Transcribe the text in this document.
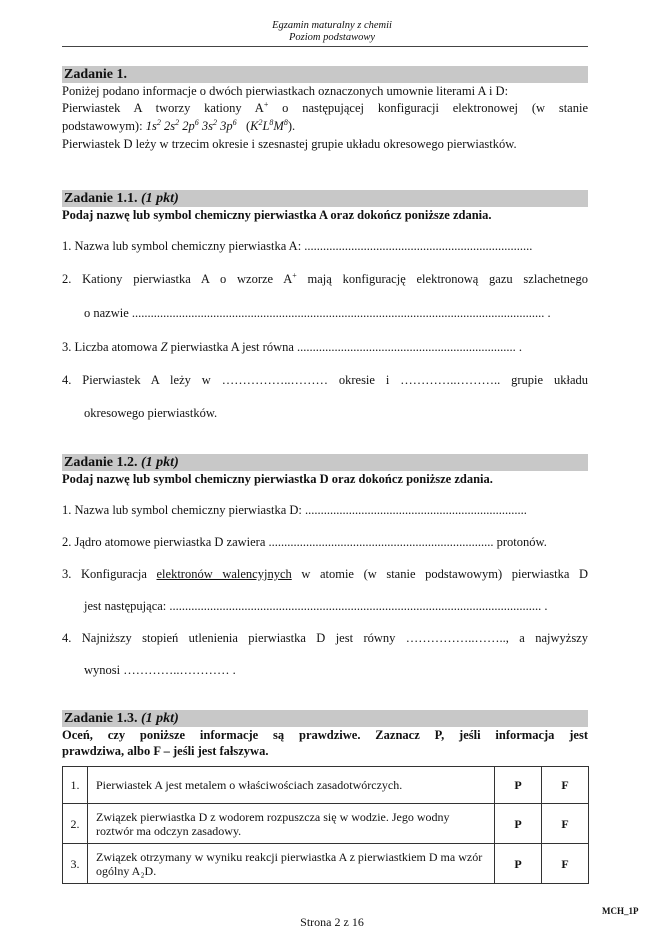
Egzamin maturalny z chemii
Poziom podstawowy
Zadanie 1.
Poniżej podano informacje o dwóch pierwiastkach oznaczonych umownie literami A i D:
Pierwiastek A tworzy kationy A+ o następującej konfiguracji elektronowej (w stanie
podstawowym): $1s^2$ $2s^2$ $2p^6$ $3s^2$ $3p^6$   $(K^2L^8M^8)$.
Pierwiastek D leży w trzecim okresie i szesnastej grupie układu okresowego pierwiastków.
Zadanie 1.1. (1 pkt)
Podaj nazwę lub symbol chemiczny pierwiastka A oraz dokończ poniższe zdania.
1. Nazwa lub symbol chemiczny pierwiastka A: .........................................................................
2. Kationy pierwiastka A o wzorze A+ mają konfigurację elektronową gazu szlachetnego
o nazwie .................................................................................................................................... .
3. Liczba atomowa Z pierwiastka A jest równa ...................................................................... .
4. Pierwiastek A leży w ……………..……… okresie i …………..……….. grupie układu
okresowego pierwiastków.
Zadanie 1.2. (1 pkt)
Podaj nazwę lub symbol chemiczny pierwiastka D oraz dokończ poniższe zdania.
1. Nazwa lub symbol chemiczny pierwiastka D: .......................................................................
2. Jądro atomowe pierwiastka D zawiera ........................................................................ protonów.
3. Konfiguracja elektronów walencyjnych w atomie (w stanie podstawowym) pierwiastka D
jest następująca: ....................................................................................................................... .
4. Najniższy stopień utlenienia pierwiastka D jest równy ……………..…….., a najwyższy
wynosi …………..………… .
Zadanie 1.3. (1 pkt)
Oceń, czy poniższe informacje są prawdziwe. Zaznacz P, jeśli informacja jest
prawdziwa, albo F – jeśli jest fałszywa.
1.	Pierwiastek A jest metalem o właściwościach zasadotwórczych.	P	F
2.	Związek pierwiastka D z wodorem rozpuszcza się w wodzie. Jego wodny roztwór ma odczyn zasadowy.	P	F
3.	Związek otrzymany w wyniku reakcji pierwiastka A z pierwiastkiem D ma wzór ogólny A₂D.	P	F
MCH_1P
Strona 2 z 16
